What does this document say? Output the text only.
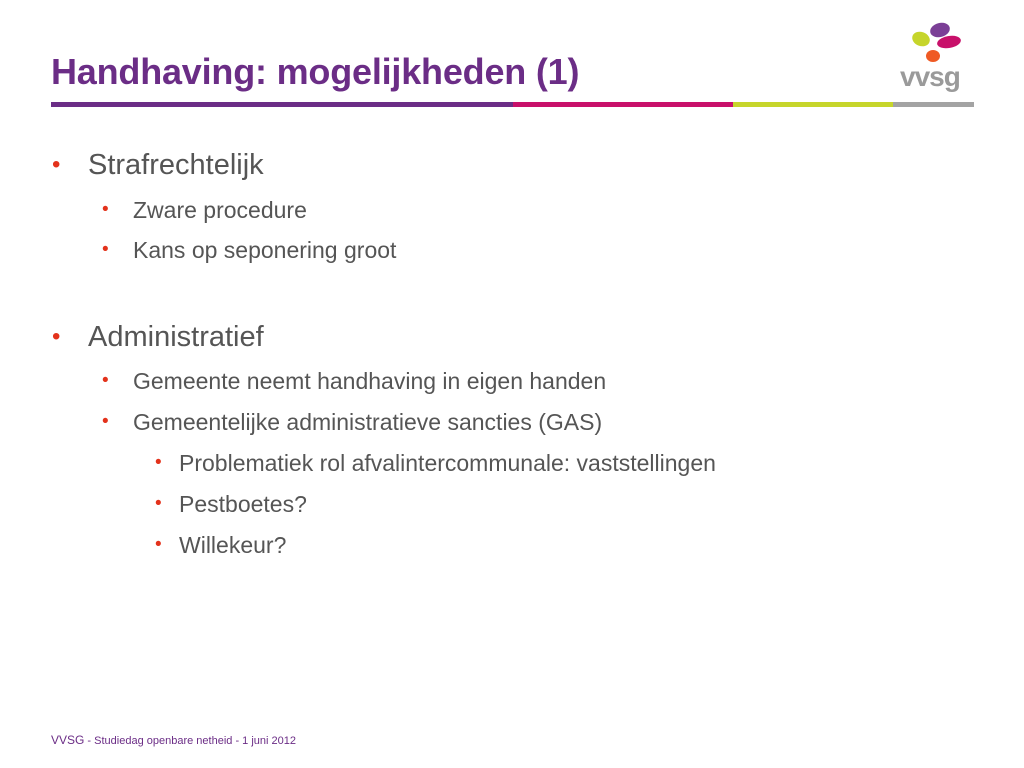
Handhaving: mogelijkheden (1)	vvsg
• Strafrechtelijk
• Zware procedure
• Kans op seponering groot
• Administratief
• Gemeente neemt handhaving in eigen handen
• Gemeentelijke administratieve sancties (GAS)
• Problematiek rol afvalintercommunale: vaststellingen
• Pestboetes?
• Willekeur?
VVSG - Studiedag openbare netheid - 1 juni 2012
